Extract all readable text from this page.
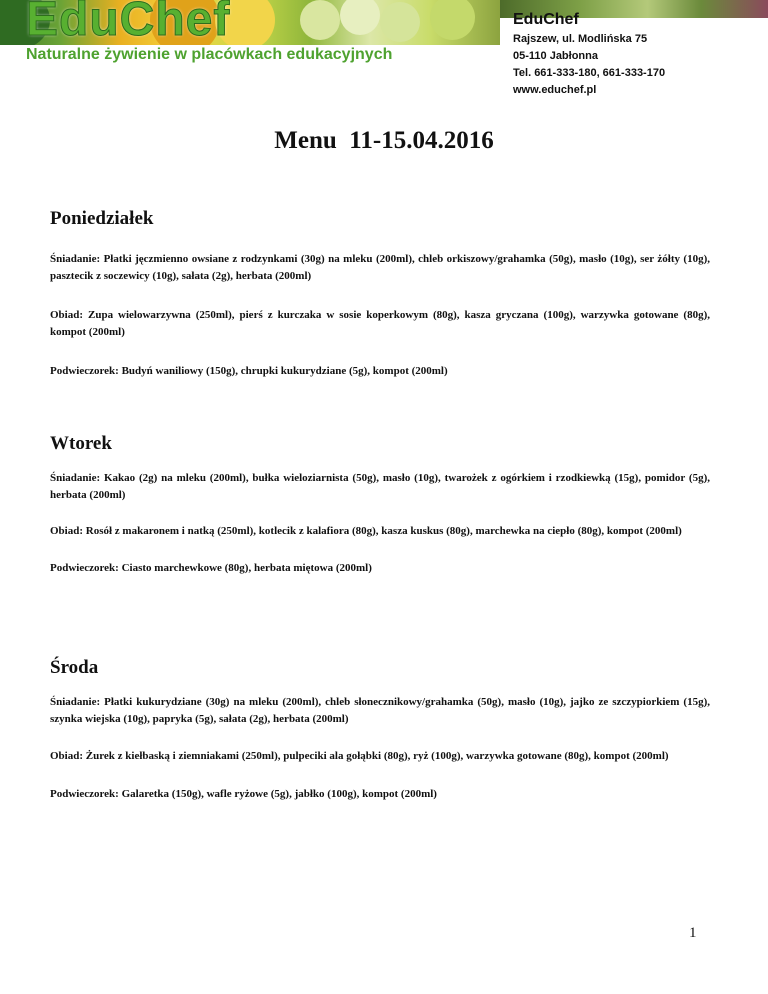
EduChef
Naturalne żywienie w placówkach edukacyjnych
EduChef
Rajszew, ul. Modlińska 75
05-110 Jabłonna
Tel. 661-333-180, 661-333-170
www.educhef.pl
Menu  11-15.04.2016
Poniedziałek

Śniadanie: Płatki jęczmienno owsiane z rodzynkami (30g) na mleku (200ml), chleb orkiszowy/grahamka (50g), masło (10g), ser żółty (10g), pasztecik z soczewicy (10g), sałata (2g), herbata (200ml)

Obiad: Zupa wielowarzywna (250ml), pierś z kurczaka w sosie koperkowym (80g), kasza gryczana (100g), warzywka gotowane (80g), kompot (200ml)

Podwieczorek: Budyń waniliowy (150g), chrupki kukurydziane (5g), kompot (200ml)

Wtorek

Śniadanie: Kakao (2g) na mleku (200ml), bułka wieloziarnista (50g), masło (10g), twarożek z ogórkiem i rzodkiewką (15g), pomidor (5g), herbata (200ml)

Obiad: Rosół z makaronem i natką (250ml), kotlecik z kalafiora (80g), kasza kuskus (80g), marchewka na ciepło (80g), kompot (200ml)

Podwieczorek: Ciasto marchewkowe (80g), herbata miętowa (200ml)

Środa

Śniadanie: Płatki kukurydziane (30g) na mleku (200ml), chleb słonecznikowy/grahamka (50g), masło (10g), jajko ze szczypiorkiem (15g), szynka wiejska (10g), papryka (5g), sałata (2g), herbata (200ml)

Obiad: Żurek z kiełbaską i ziemniakami (250ml), pulpeciki ala gołąbki (80g), ryż (100g), warzywka gotowane (80g), kompot (200ml)

Podwieczorek: Galaretka (150g), wafle ryżowe (5g), jabłko (100g), kompot (200ml)

1
